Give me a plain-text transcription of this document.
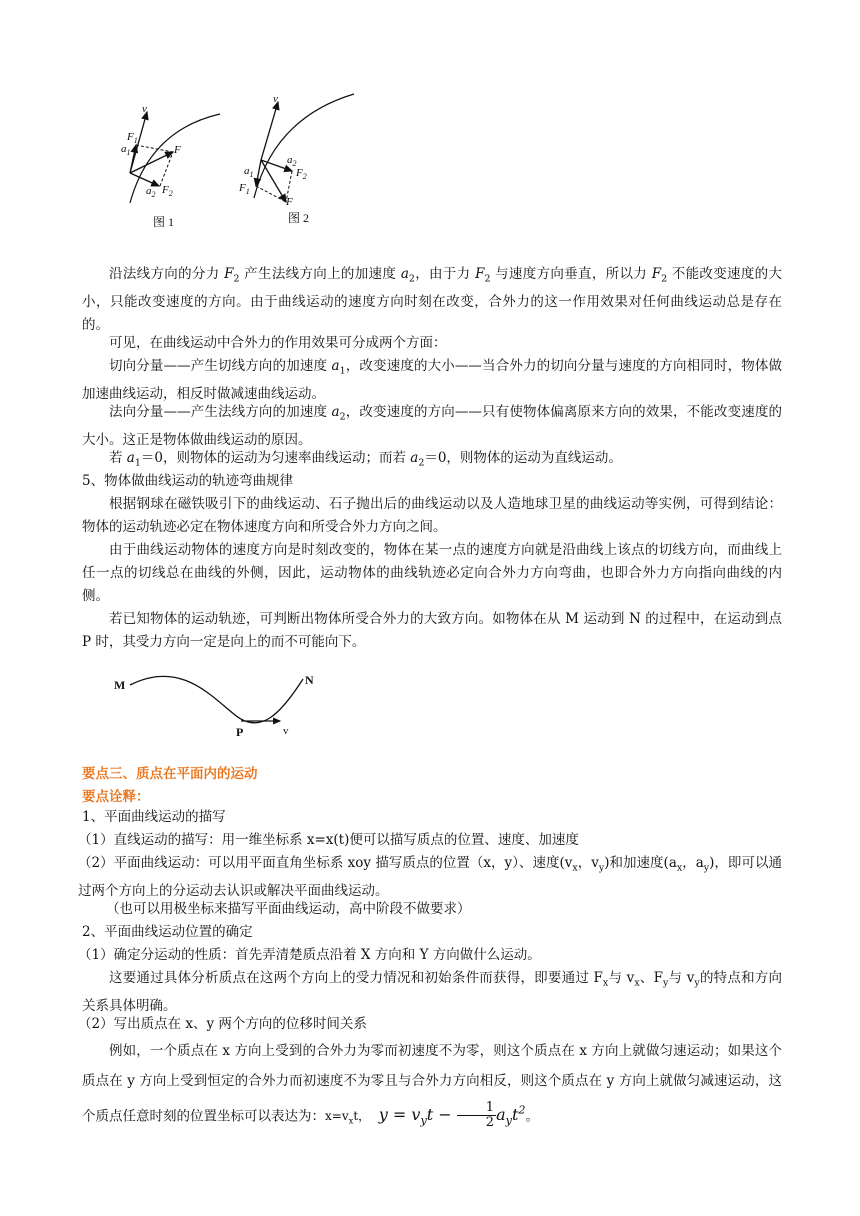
v
$F_1$
$a_1$	F
$a_2$ $F_2$
图 1
v
$a_2$
$F_2$
$a_1$
$F_1$
F
图 2

沿法线方向的分力 $F_2$ 产生法线方向上的加速度 $a_2$，由于力 $F_2$ 与速度方向垂直，所以力 $F_2$ 不能改变速度的大小，只能改变速度的方向。由于曲线运动的速度方向时刻在改变，合外力的这一作用效果对任何曲线运动总是存在的。

可见，在曲线运动中合外力的作用效果可分成两个方面：

切向分量——产生切线方向的加速度 $a_1$，改变速度的大小——当合外力的切向分量与速度的方向相同时，物体做加速曲线运动，相反时做减速曲线运动。

法向分量——产生法线方向的加速度 $a_2$，改变速度的方向——只有使物体偏离原来方向的效果，不能改变速度的大小。这正是物体做曲线运动的原因。

若 $a_1=0$，则物体的运动为匀速率曲线运动；而若 $a_2=0$，则物体的运动为直线运动。

5、物体做曲线运动的轨迹弯曲规律

根据钢球在磁铁吸引下的曲线运动、石子抛出后的曲线运动以及人造地球卫星的曲线运动等实例，可得到结论：物体的运动轨迹必定在物体速度方向和所受合外力方向之间。

由于曲线运动物体的速度方向是时刻改变的，物体在某一点的速度方向就是沿曲线上该点的切线方向，而曲线上任一点的切线总在曲线的外侧，因此，运动物体的曲线轨迹必定向合外力方向弯曲，也即合外力方向指向曲线的内侧。

若已知物体的运动轨迹，可判断出物体所受合外力的大致方向。如物体在从 M 运动到 N 的过程中，在运动到点 P 时，其受力方向一定是向上的而不可能向下。

M	N
P	v
要点三、质点在平面内的运动
要点诠释：

1、平面曲线运动的描写

（1）直线运动的描写：用一维坐标系 x=x(t)便可以描写质点的位置、速度、加速度

（2）平面曲线运动：可以用平面直角坐标系 xoy 描写质点的位置（x，y）、速度($v_x$，$v_y$)和加速度($a_x$，$a_y$)，即可以通过两个方向上的分运动去认识或解决平面曲线运动。

（也可以用极坐标来描写平面曲线运动，高中阶段不做要求）

2、平面曲线运动位置的确定

（1）确定分运动的性质：首先弄清楚质点沿着 X 方向和 Y 方向做什么运动。

这要通过具体分析质点在这两个方向上的受力情况和初始条件而获得，即要通过 $F_x$与 $v_x$、$F_y$与 $v_y$的特点和方向关系具体明确。

（2）写出质点在 x、y 两个方向的位移时间关系

例如，一个质点在 x 方向上受到的合外力为零而初速度不为零，则这个质点在 x 方向上就做匀速运动；如果这个质点在 y 方向上受到恒定的合外力而初速度不为零且与合外力方向相反，则这个质点在 y 方向上就做匀减速运动，这个质点任意时刻的位置坐标可以表达为：$x=v_xt$， $y = v_yt - \frac{1}{2} a_yt^2$。
